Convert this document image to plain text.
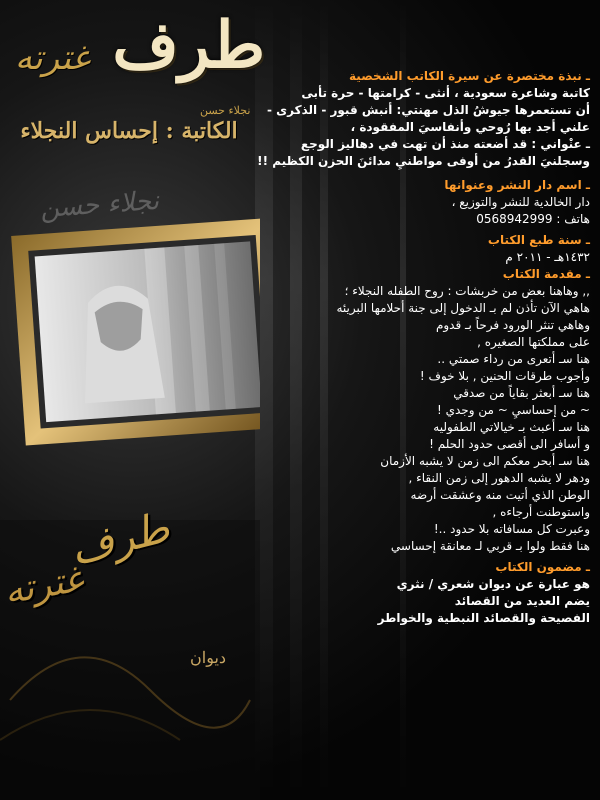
نجلاء حسن
طرف
غترته
نجلاء حسن
الكاتبة : إحساس النجلاء
طرف
غترته
ديوان
ـ نبذة مختصرة عن سيرة الكاتب الشخصية
كاتبة وشاعرة سعودية ، أنثى - كرامتها - حرة تأبى
أن تستعمرها جيوشُ الذل مهنتي: أنبش قبور - الذكرى -
علني أجد بها رُوحي وأنفاسيَ المفقودة ،
ـ عنْواني : قد أضعته منذ أن تهت في دهاليز الوجع
وسجلنيَ القدرُ من أوفى مواطنيِ مدائنَ الحزن الكظيم !!
ـ اسم دار النشر وعنوانها
دار الخالدية للنشر والتوزيع ،
هاتف : 0568942999
ـ سنة طبع الكتاب
١٤٣٢هـ - ٢٠١١ م
ـ مقدمة الكتاب
,, وهاهنا بعض من خربشات : روح الطفله النجلاء ؛
هاهي الآن تأذن لم بـ الدخول إلى جنة أحلامها البريئه
وهاهي تنثر الورود فرحاً بـ قدوم
على مملكتها الصغيره ,
هنا سـ أتعرى من رداء صمتي ..
وأجوب طرقات الحنين , بلا خوف !
هنا سـ أبعثر بقاياً من صدقي
~ من إحساسيِ ~ من وجدي !
هنا سـ أعبث بـ خيالاتي الطفوليه
و أسافر الى أقصى حدود الحلم !
هنا سـ أبحر معكم الى زمن لا يشبه الأزمان
ودهر لا يشبه الدهور إلى زمن النقاء ,
الوطن الذي أتيت منه وعشقت أرضه
واستوطنت أرجاءه ,
وعبرت كل مسافاته بلا حدود ..!
هنا فقط ولوا بـ قربي لـ معانقة إحساسي
ـ مضمون الكتاب
هو عبارة عن ديوان شعري / نثري
يضم العديد من القصائد
الفصيحة والقصائد النبطية والخواطر
